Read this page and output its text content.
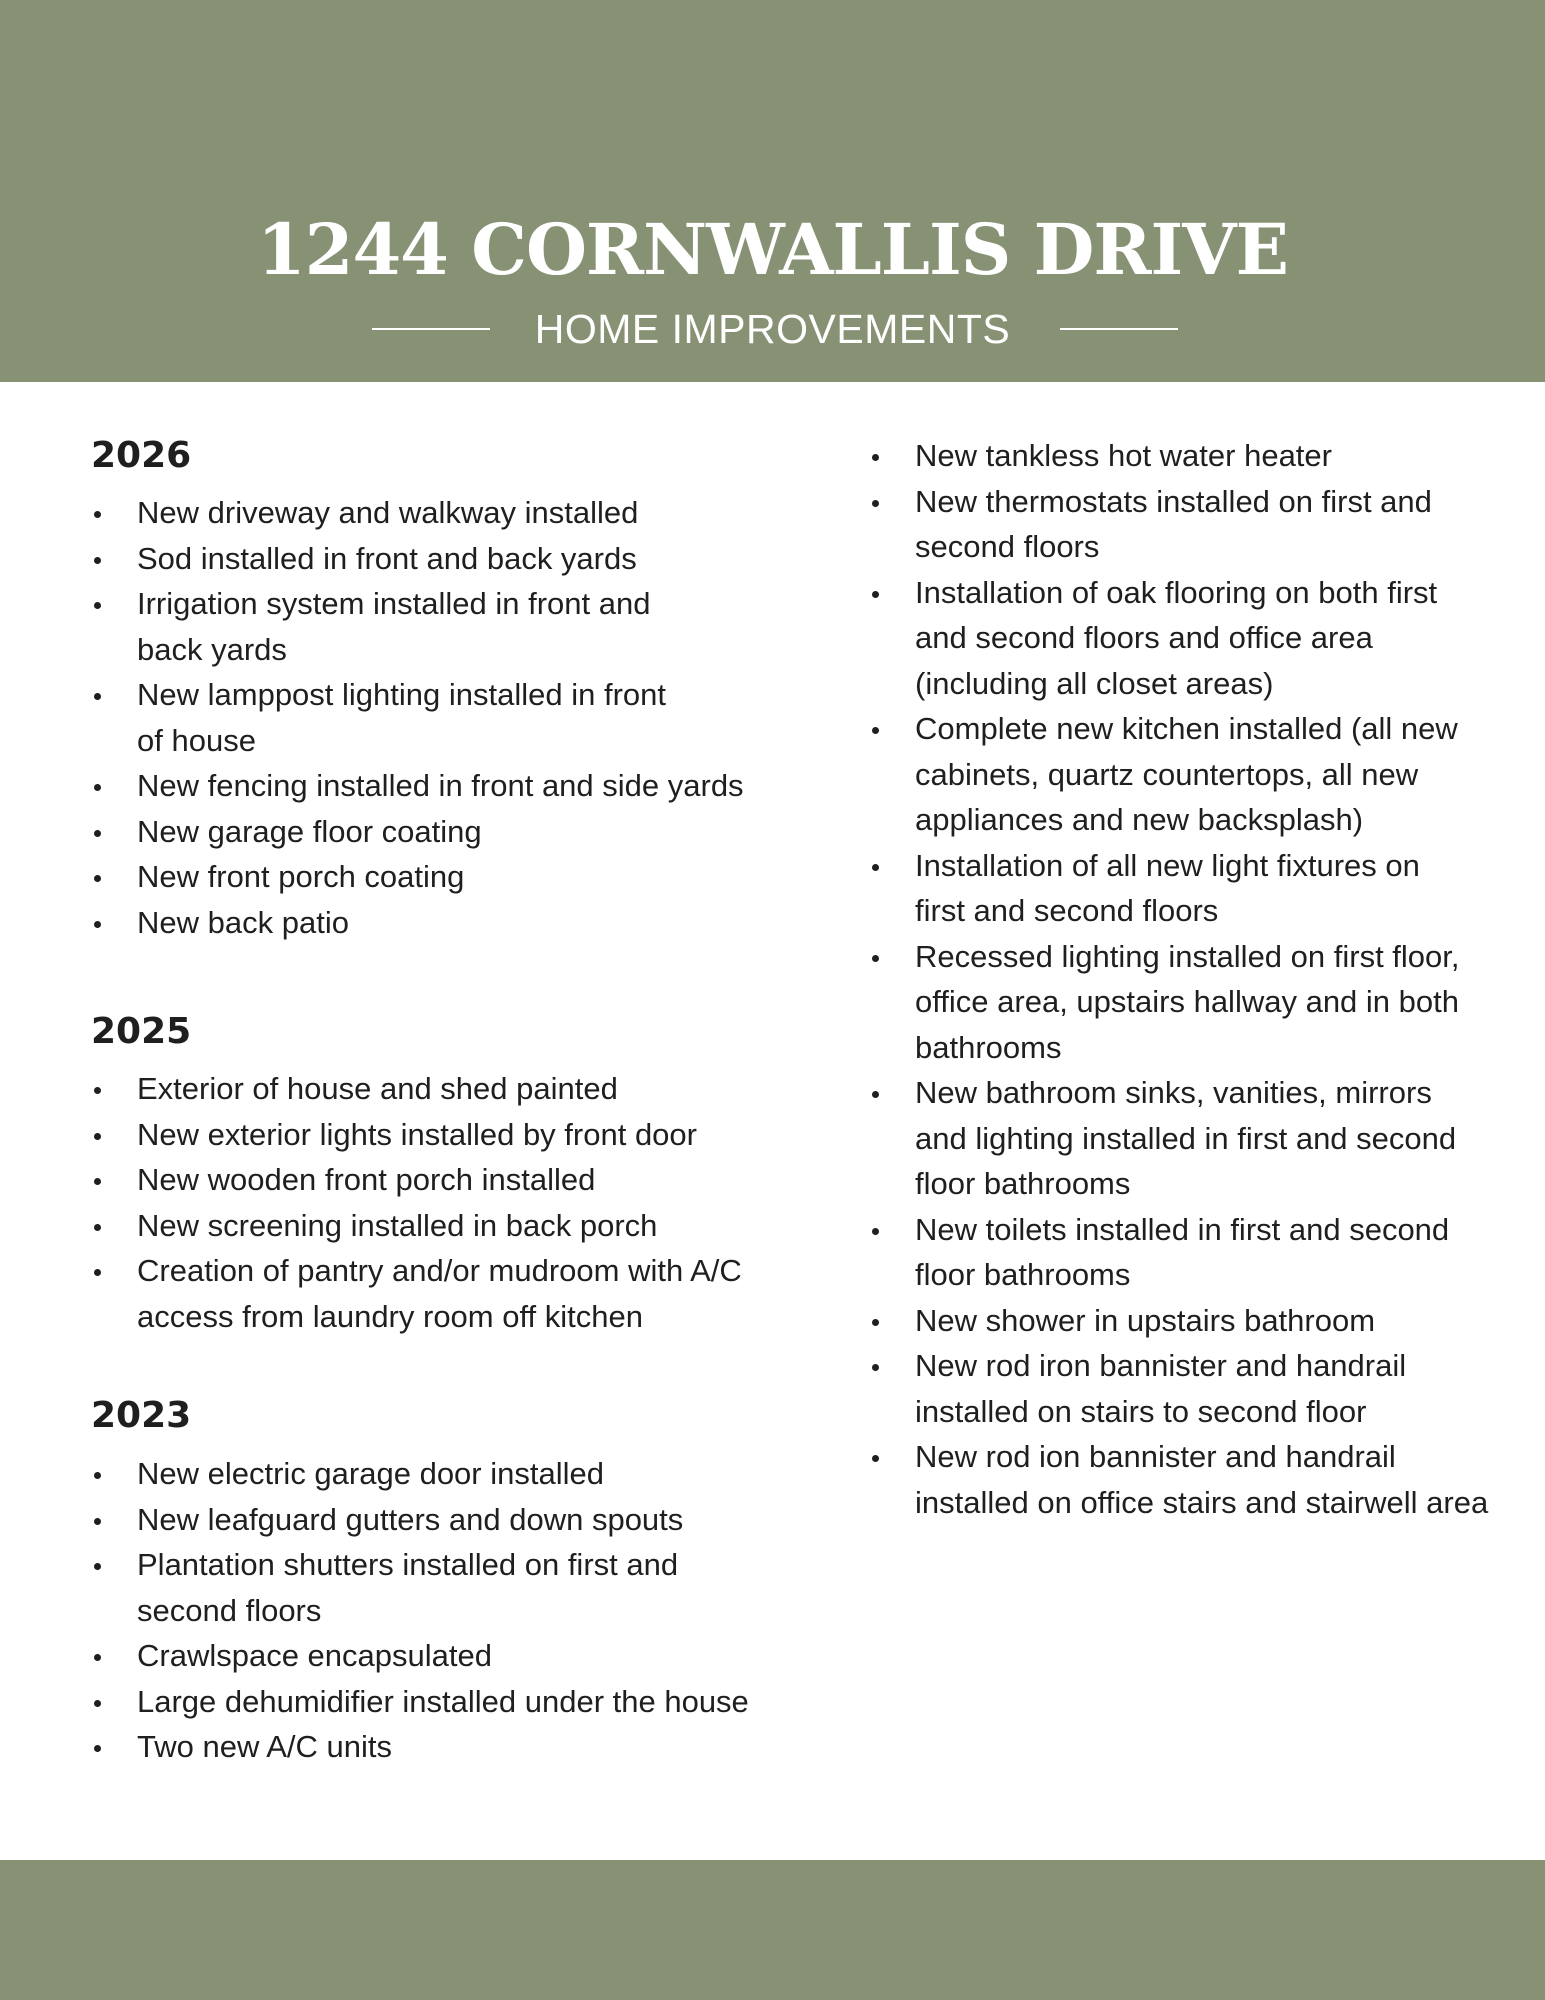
1244 CORNWALLIS DRIVE
HOME IMPROVEMENTS
2026
New driveway and walkway installed
Sod installed in front and back yards
Irrigation system installed in front and back yards
New lamppost lighting installed in front of house
New fencing installed in front and side yards
New garage floor coating
New front porch coating
New back patio
2025
Exterior of house and shed painted
New exterior lights installed by front door
New wooden front porch installed
New screening installed in back porch
Creation of pantry and/or mudroom with A/C access from laundry room off kitchen
2023
New electric garage door installed
New leafguard gutters and down spouts
Plantation shutters installed on first and second floors
Crawlspace encapsulated
Large dehumidifier installed under the house
Two new A/C units
New tankless hot water heater
New thermostats installed on first and second floors
Installation of oak flooring on both first and second floors and office area (including all closet areas)
Complete new kitchen installed (all new cabinets, quartz countertops, all new appliances and new backsplash)
Installation of all new light fixtures on first and second floors
Recessed lighting installed on first floor, office area, upstairs hallway and in both bathrooms
New bathroom sinks, vanities, mirrors and lighting installed in first and second floor bathrooms
New toilets installed in first and second floor bathrooms
New shower in upstairs bathroom
New rod iron bannister and handrail installed on stairs to second floor
New rod ion bannister and handrail installed on office stairs and stairwell area
